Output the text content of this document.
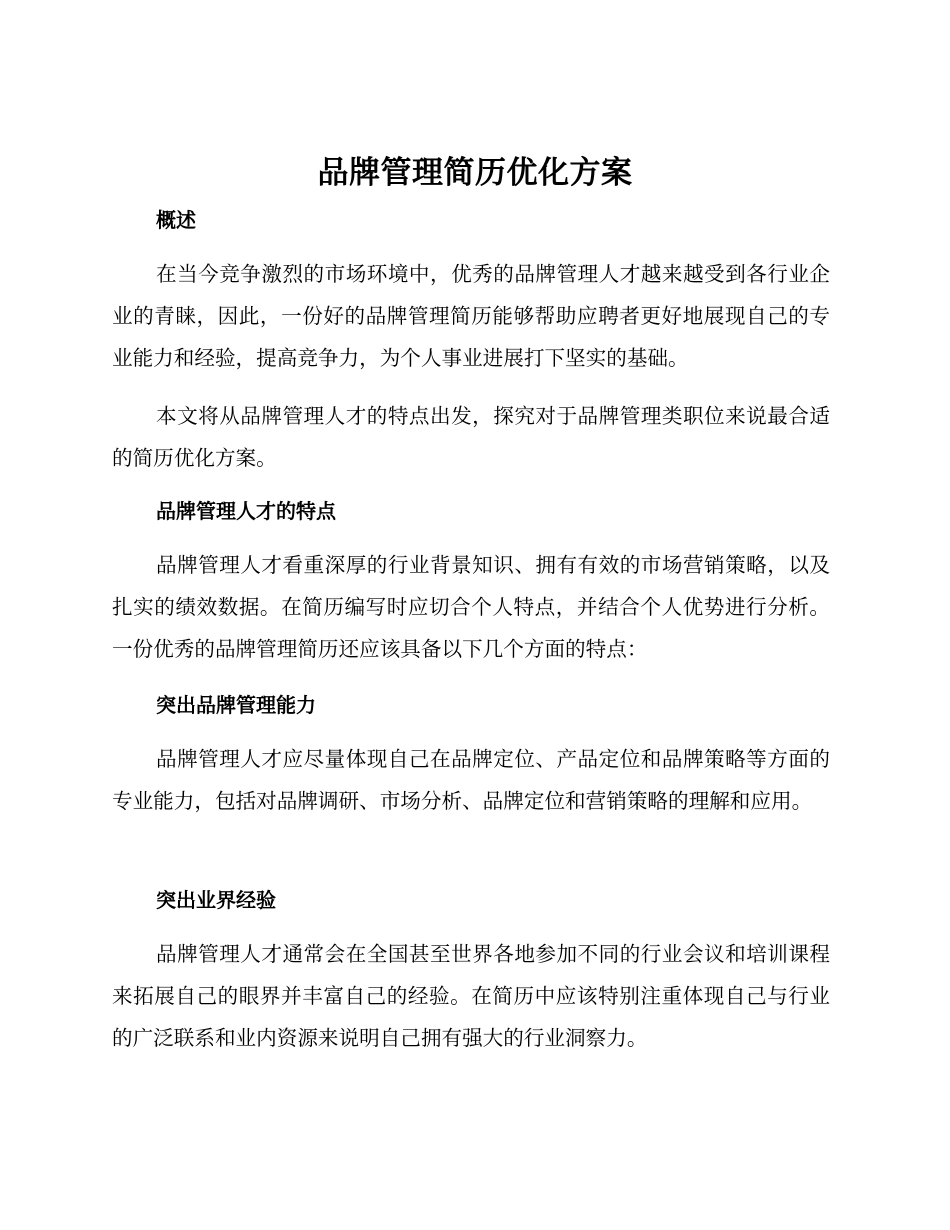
品牌管理简历优化方案
概述

在当今竞争激烈的市场环境中，优秀的品牌管理人才越来越受到各行业企业的青睐，因此，一份好的品牌管理简历能够帮助应聘者更好地展现自己的专业能力和经验，提高竞争力，为个人事业进展打下坚实的基础。

本文将从品牌管理人才的特点出发，探究对于品牌管理类职位来说最合适的简历优化方案。

品牌管理人才的特点

品牌管理人才看重深厚的行业背景知识、拥有有效的市场营销策略，以及扎实的绩效数据。在简历编写时应切合个人特点，并结合个人优势进行分析。一份优秀的品牌管理简历还应该具备以下几个方面的特点：

突出品牌管理能力

品牌管理人才应尽量体现自己在品牌定位、产品定位和品牌策略等方面的专业能力，包括对品牌调研、市场分析、品牌定位和营销策略的理解和应用。

突出业界经验

品牌管理人才通常会在全国甚至世界各地参加不同的行业会议和培训课程来拓展自己的眼界并丰富自己的经验。在简历中应该特别注重体现自己与行业的广泛联系和业内资源来说明自己拥有强大的行业洞察力。
